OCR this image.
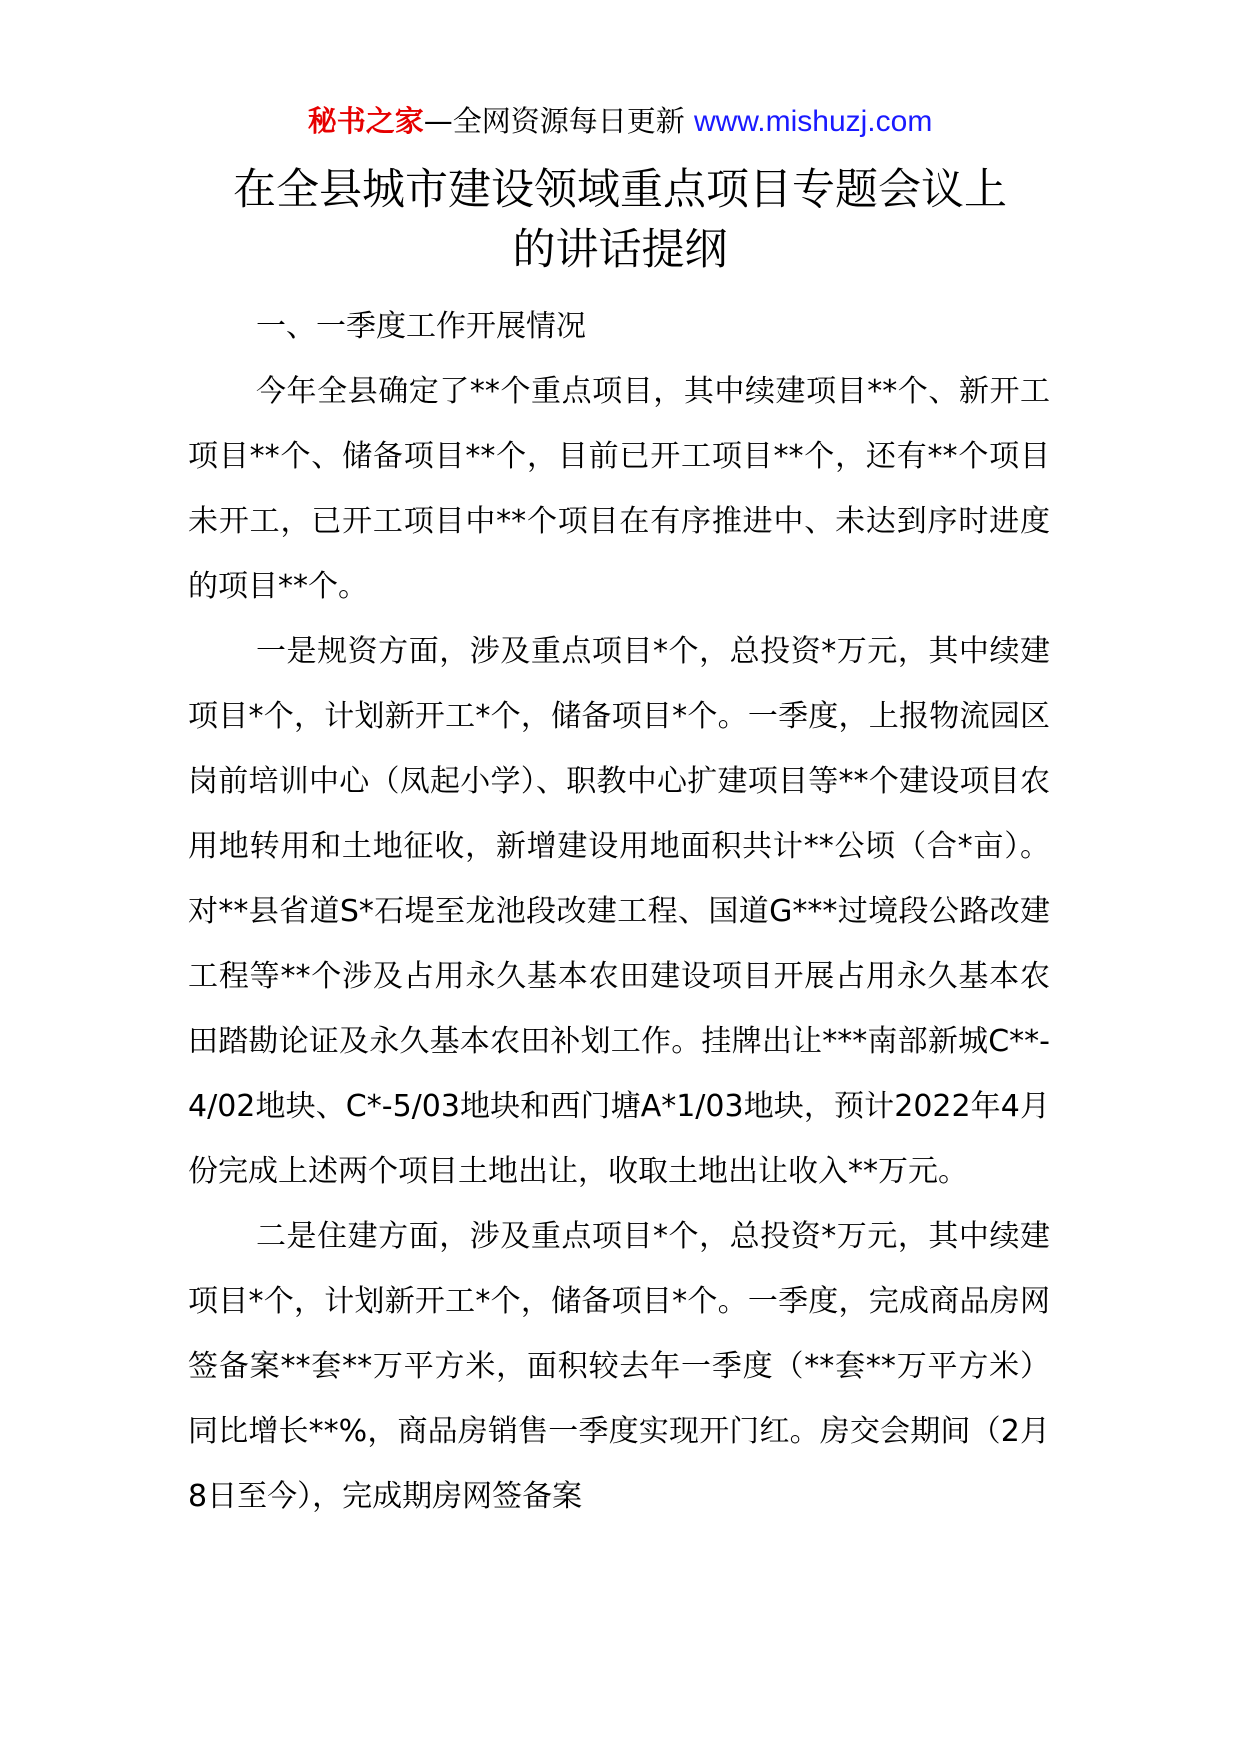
秘书之家—全网资源每日更新 www.mishuzj.com
在全县城市建设领域重点项目专题会议上
的讲话提纲

一、一季度工作开展情况

今年全县确定了**个重点项目，其中续建项目**个、新开工项目**个、储备项目**个，目前已开工项目**个，还有**个项目未开工，已开工项目中**个项目在有序推进中、未达到序时进度的项目**个。

一是规资方面，涉及重点项目*个，总投资*万元，其中续建项目*个，计划新开工*个，储备项目*个。一季度，上报物流园区岗前培训中心（凤起小学）、职教中心扩建项目等**个建设项目农用地转用和土地征收，新增建设用地面积共计**公顷（合*亩）。对**县省道S*石堤至龙池段改建工程、国道G***过境段公路改建工程等**个涉及占用永久基本农田建设项目开展占用永久基本农田踏勘论证及永久基本农田补划工作。挂牌出让***南部新城C**-4/02地块、C*-5/03地块和西门塘A*1/03地块，预计2022年4月份完成上述两个项目土地出让，收取土地出让收入**万元。

二是住建方面，涉及重点项目*个，总投资*万元，其中续建项目*个，计划新开工*个，储备项目*个。一季度，完成商品房网签备案**套**万平方米，面积较去年一季度（**套**万平方米）同比增长**%，商品房销售一季度实现开门红。房交会期间（2月8日至今），完成期房网签备案
